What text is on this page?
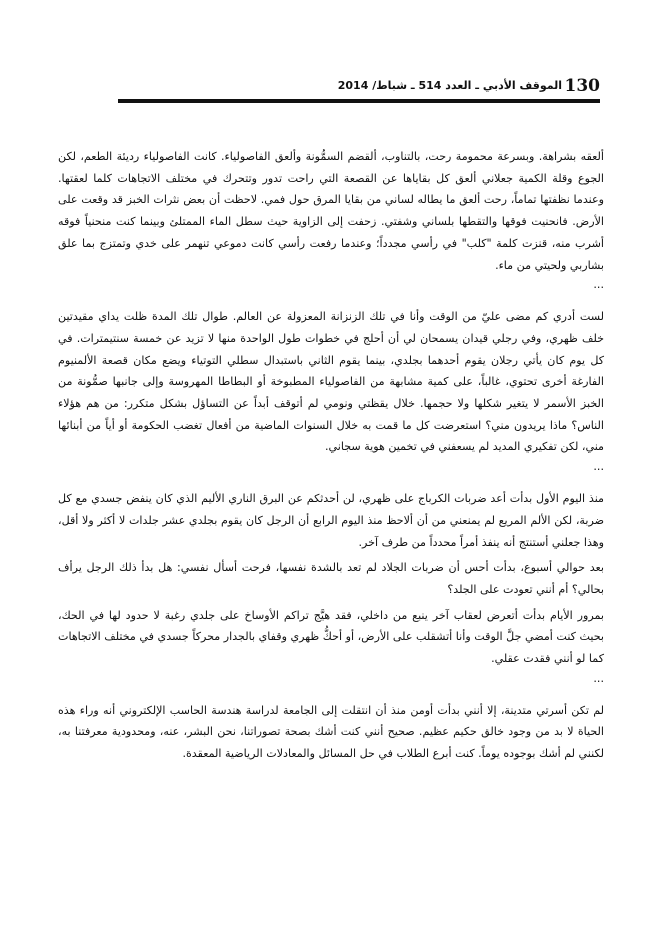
130
الموقف الأدبي ـ العدد 514 ـ شباط/ 2014

ألعقه بشراهة. وبسرعة محمومة رحت، بالتناوب، ألقضم السمُّونة وألعق الفاصولياء. كانت الفاصولياء رديئة الطعم، لكن الجوع وقلة الكمية جعلاني ألعق كل بقاياها عن القصعة التي راحت تدور وتتحرك في مختلف الاتجاهات كلما لعقتها. وعندما نظفتها تماماً، رحت ألعق ما يطاله لساني من بقايا المرق حول فمي. لاحظت أن بعض نثرات الخبز قد وقعت على الأرض. فانحنيت فوقها والتقطها بلساني وشفتي. زحفت إلى الزاوية حيث سطل الماء الممتلئ وبينما كنت منحنياً فوقه أشرب منه، قنزت كلمة "كلب" في رأسي مجدداً؛ وعندما رفعت رأسي كانت دموعي تنهمر على خدي وتمتزج بما علق بشاربي ولحيتي من ماء.

...

لست أدري كم مضى عليّ من الوقت وأنا في تلك الزنزانة المعزولة عن العالم. طوال تلك المدة ظلت يداي مقيدتين خلف ظهري، وفي رجلي قيدان يسمحان لي أن أحلج في خطوات طول الواحدة منها لا تزيد عن خمسة سنتيمترات. في كل يوم كان يأتي رجلان يقوم أحدهما بجلدي، بينما يقوم الثاني باستبدال سطلي التوتياء ويضع مكان قصعة الألمنيوم الفارغة أخرى تحتوي، غالباً، على كمية مشابهة من الفاصولياء المطبوخة أو البطاطا المهروسة وإلى جانبها صمُّونة من الخبز الأسمر لا يتغير شكلها ولا حجمها. خلال يقظتي ونومي لم أتوقف أبداً عن التساؤل بشكل متكرر: من هم هؤلاء الناس؟ ماذا يريدون مني؟ استعرضت كل ما قمت به خلال السنوات الماضية من أفعال تغضب الحكومة أو أياً من أبنائها مني، لكن تفكيري المديد لم يسعفني في تخمين هوية سجاني.

...

منذ اليوم الأول بدأت أعد ضربات الكرباج على ظهري، لن أحدثكم عن البرق الناري الأليم الذي كان ينفض جسدي مع كل ضربة، لكن الألم المريع لم يمنعني من أن ألاحظ منذ اليوم الرابع أن الرجل كان يقوم بجلدي عشر جلدات لا أكثر ولا أقل، وهذا جعلني أستنتج أنه ينفذ أمراً محدداً من طرف آخر.

بعد حوالي أسبوع، بدأت أحس أن ضربات الجلاد لم تعد بالشدة نفسها، فرحت أسأل نفسي: هل بدأ ذلك الرجل يرأف بحالي؟ أم أنني تعودت على الجلد؟

بمرور الأيام بدأت أتعرض لعقاب آخر ينبع من داخلي، فقد هيَّج تراكم الأوساخ على جلدي رغبة لا حدود لها في الحك، بحيث كنت أمضي جلَّ الوقت وأنا أتشقلب على الأرض، أو أحكُّ ظهري وقفاي بالجدار محركاً جسدي في مختلف الاتجاهات كما لو أنني فقدت عقلي.

...

لم تكن أسرتي متدينة، إلا أنني بدأت أومن منذ أن انتقلت إلى الجامعة لدراسة هندسة الحاسب الإلكتروني أنه وراء هذه الحياة لا بد من وجود خالق حكيم عظيم. صحيح أنني كنت أشك بصحة تصوراتنا، نحن البشر، عنه، ومحدودية معرفتنا به، لكنني لم أشك بوجوده يوماً. كنت أبرع الطلاب في حل المسائل والمعادلات الرياضية المعقدة.
